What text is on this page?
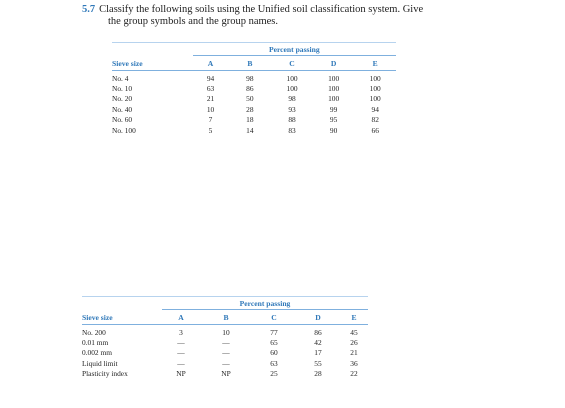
5.7 Classify the following soils using the Unified soil classification system. Give
the group symbols and the group names.

	Percent passing				

Sieve size	A	B	C	D	E

No. 4	94	98	100	100	100
No. 10	63	86	100	100	100
No. 20	21	50	98	100	100
No. 40	10	28	93	99	94
No. 60	7	18	88	95	82
No. 100	5	14	83	90	66

	Percent passing				

Sieve size	A	B	C	D	E

No. 200	3	10	77	86	45
0.01 mm	—	—	65	42	26
0.002 mm	—	—	60	17	21
Liquid limit	—	—	63	55	36
Plasticity index	NP	NP	25	28	22
